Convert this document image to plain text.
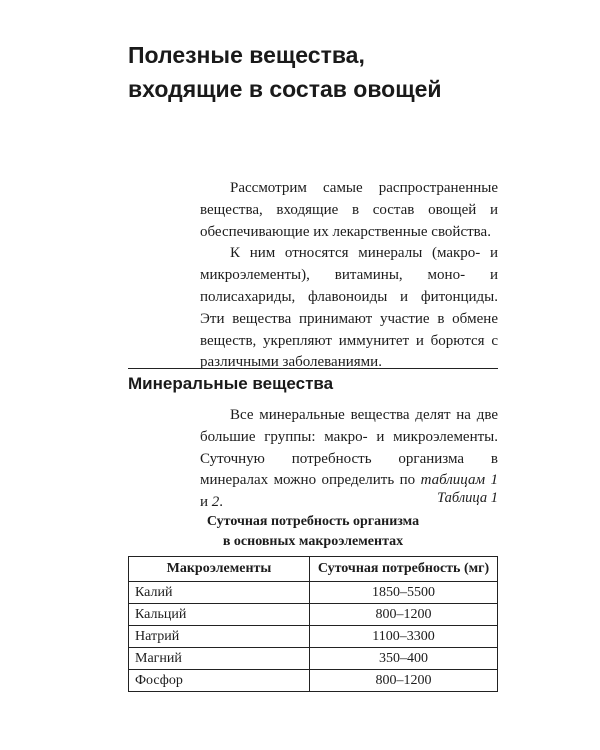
Полезные вещества,
входящие в состав овощей

Рассмотрим самые распространенные вещества, входящие в состав овощей и обеспечивающие их лекарственные свойства.

К ним относятся минералы (макро- и микроэлементы), витамины, моно- и полисахариды, флавоноиды и фитонциды. Эти вещества принимают участие в обмене веществ, укрепляют иммунитет и борются с различными заболеваниями.

Минеральные вещества

Все минеральные вещества делят на две большие группы: макро- и микроэлементы. Суточную потребность организма в минералах можно определить по таблицам 1 и 2.	Таблица 1

Суточная потребность организма
в основных макроэлементах

Макроэлементы	Суточная потребность (мг)
Калий	1850–5500
Кальций	800–1200
Натрий	1100–3300
Магний	350–400
Фосфор	800–1200
